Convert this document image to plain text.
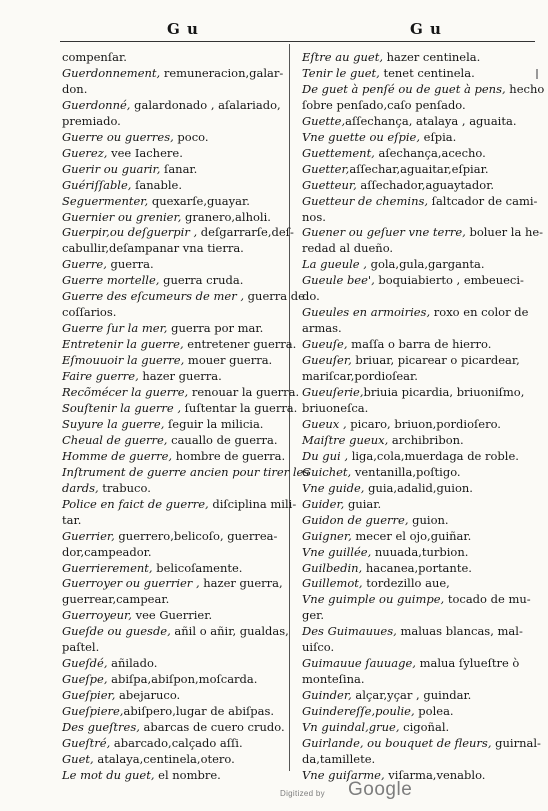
G u	G u

compenſar.

Guerdonnement, remuneracion,galar-

don.

Guerdonné, galardonado , aſalariado,

premiado.

Guerre ou guerres, poco.

Guerez, vee Iachere.

Guerir ou guarir, ſanar.

Guériſſable, ſanable.

Seguermenter, quexarſe,guayar.

Guernier ou grenier, granero,alholi.

Guerpir,ou deſguerpir , deſgarrarſe,deſ-

cabullir,deſampanar vna tierra.

Guerre, guerra.

Guerre mortelle, guerra cruda.

Guerre des eſcumeurs de mer , guerra de

coſſarios.

Guerre ſur la mer, guerra por mar.

Entretenir la guerre, entretener guerra.

Eſmouuoir la guerre, mouer guerra.

Faire guerre, hazer guerra.

Recõmécer la guerre, renouar la guerra.

Souſtenir la guerre , ſuſtentar la guerra.

Suyure la guerre, ſeguir la milicia.

Cheual de guerre, cauallo de guerra.

Homme de guerre, hombre de guerra.

Inſtrument de guerre ancien pour tirer les

dards, trabuco.

Police en faict de guerre, diſciplina mili-

tar.

Guerrier, guerrero,belicoſo, guerrea-

dor,campeador.

Guerrierement, belicoſamente.

Guerroyer ou guerrier , hazer guerra,

guerrear,campear.

Guerroyeur, vee Guerrier.

Gueſde ou guesde, añil o añir, gualdas,

paſtel.

Gueſdé, añilado.

Gueſpe, abiſpa,abiſpon,moſcarda.

Gueſpier, abejaruco.

Gueſpiere,abiſpero,lugar de abiſpas.

Des gueſtres, abarcas de cuero crudo.

Gueſtré, abarcado,calçado aſſi.

Guet, atalaya,centinela,otero.

Le mot du guet, el nombre.

Eſtre au guet, hazer centinela.

Tenir le guet, tenet centinela.

De guet à penſé ou de guet à pens, hecho

ſobre penſado,caſo penſado.

Guette,aſſechança, atalaya , aguaita.

Vne guette ou eſpie, eſpia.

Guettement, aſechança,acecho.

Guetter,aſſechar,aguaitar,eſpiar.

Guetteur, aſſechador,aguaytador.

Guetteur de chemins, ſaltcador de cami-

nos.

Guener ou geſuer vne terre, boluer la he-

redad al dueño.

La gueule , gola,gula,garganta.

Gueule bee', boquiabierto , embeueci-

do.

Gueules en armoiries, roxo en color de

armas.

Gueuſe, maſſa o barra de hierro.

Gueuſer, briuar, picarear o picardear,

mariſcar,pordioſear.

Gueuſerie,briuia picardia, briuoniſmo,

briuoneſca.

Gueux , picaro, briuon,pordioſero.

Maiſtre gueux, archibribon.

Du gui , liga,cola,muerdaga de roble.

Guichet, ventanilla,poſtigo.

Vne guide, guia,adalid,guion.

Guider, guiar.

Guidon de guerre, guion.

Guigner, mecer el ojo,guiñar.

Vne guillée, nuuada,turbion.

Guilbedin, hacanea,portante.

Guillemot, tordezillo aue,

Vne guimple ou guimpe, tocado de mu-

ger.

Des Guimauues, maluas blancas, mal-

uiſco.

Guimauue ſauuage, malua ſylueſtre ò

monteſina.

Guinder, alçar,yçar , guindar.

Guindereſſe,poulie, polea.

Vn guindal,grue, cigoñal.

Guirlande, ou bouquet de fleurs, guirnal-

da,tamillete.

Vne guiſarme, viſarma,venablo.

Digitized by Google
